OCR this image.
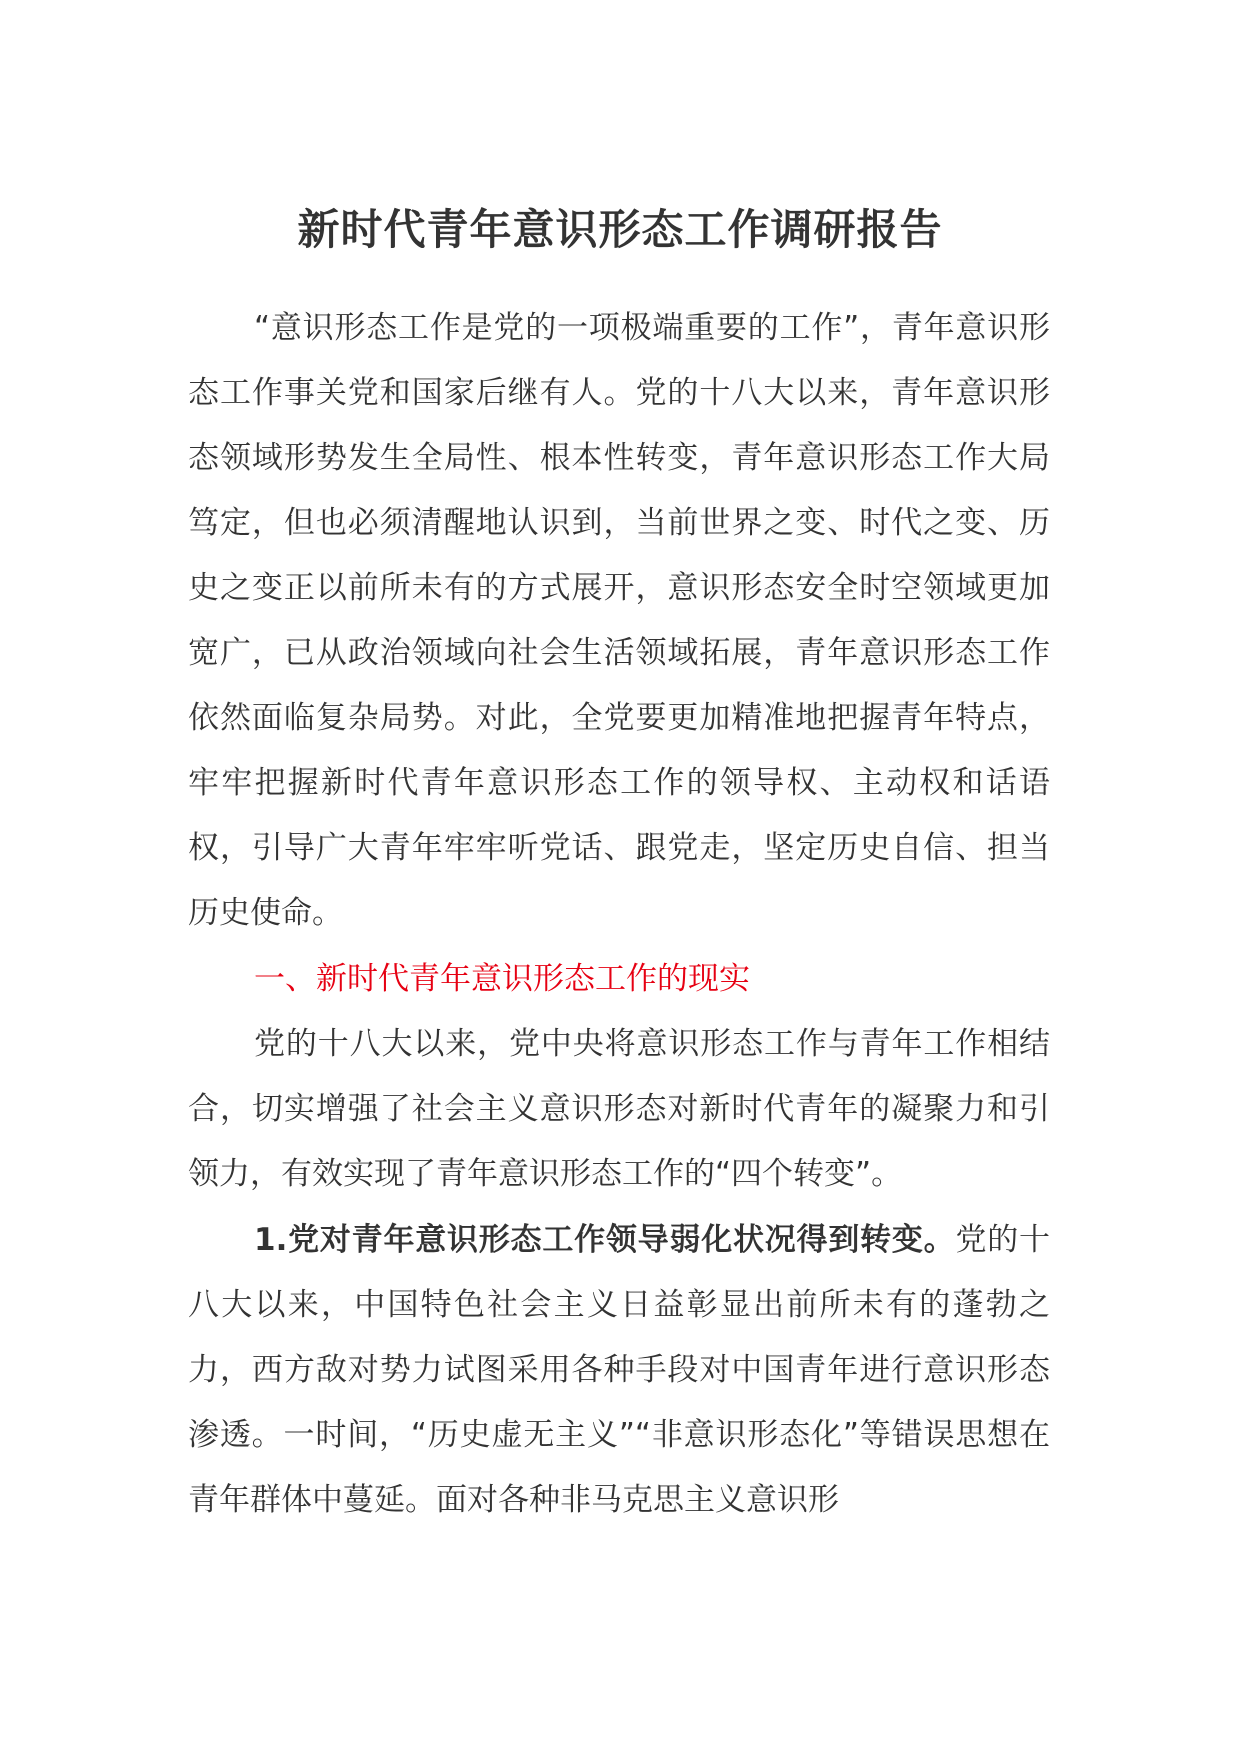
新时代青年意识形态工作调研报告
“意识形态工作是党的一项极端重要的工作”，青年意识形态工作事关党和国家后继有人。党的十八大以来，青年意识形态领域形势发生全局性、根本性转变，青年意识形态工作大局笃定，但也必须清醒地认识到，当前世界之变、时代之变、历史之变正以前所未有的方式展开，意识形态安全时空领域更加宽广，已从政治领域向社会生活领域拓展，青年意识形态工作依然面临复杂局势。对此，全党要更加精准地把握青年特点，牢牢把握新时代青年意识形态工作的领导权、主动权和话语权，引导广大青年牢牢听党话、跟党走，坚定历史自信、担当历史使命。
一、新时代青年意识形态工作的现实
党的十八大以来，党中央将意识形态工作与青年工作相结合，切实增强了社会主义意识形态对新时代青年的凝聚力和引领力，有效实现了青年意识形态工作的“四个转变”。
1.党对青年意识形态工作领导弱化状况得到转变。党的十八大以来，中国特色社会主义日益彰显出前所未有的蓬勃之力，西方敌对势力试图采用各种手段对中国青年进行意识形态渗透。一时间，“历史虚无主义”“非意识形态化”等错误思想在青年群体中蔓延。面对各种非马克思主义意识形
